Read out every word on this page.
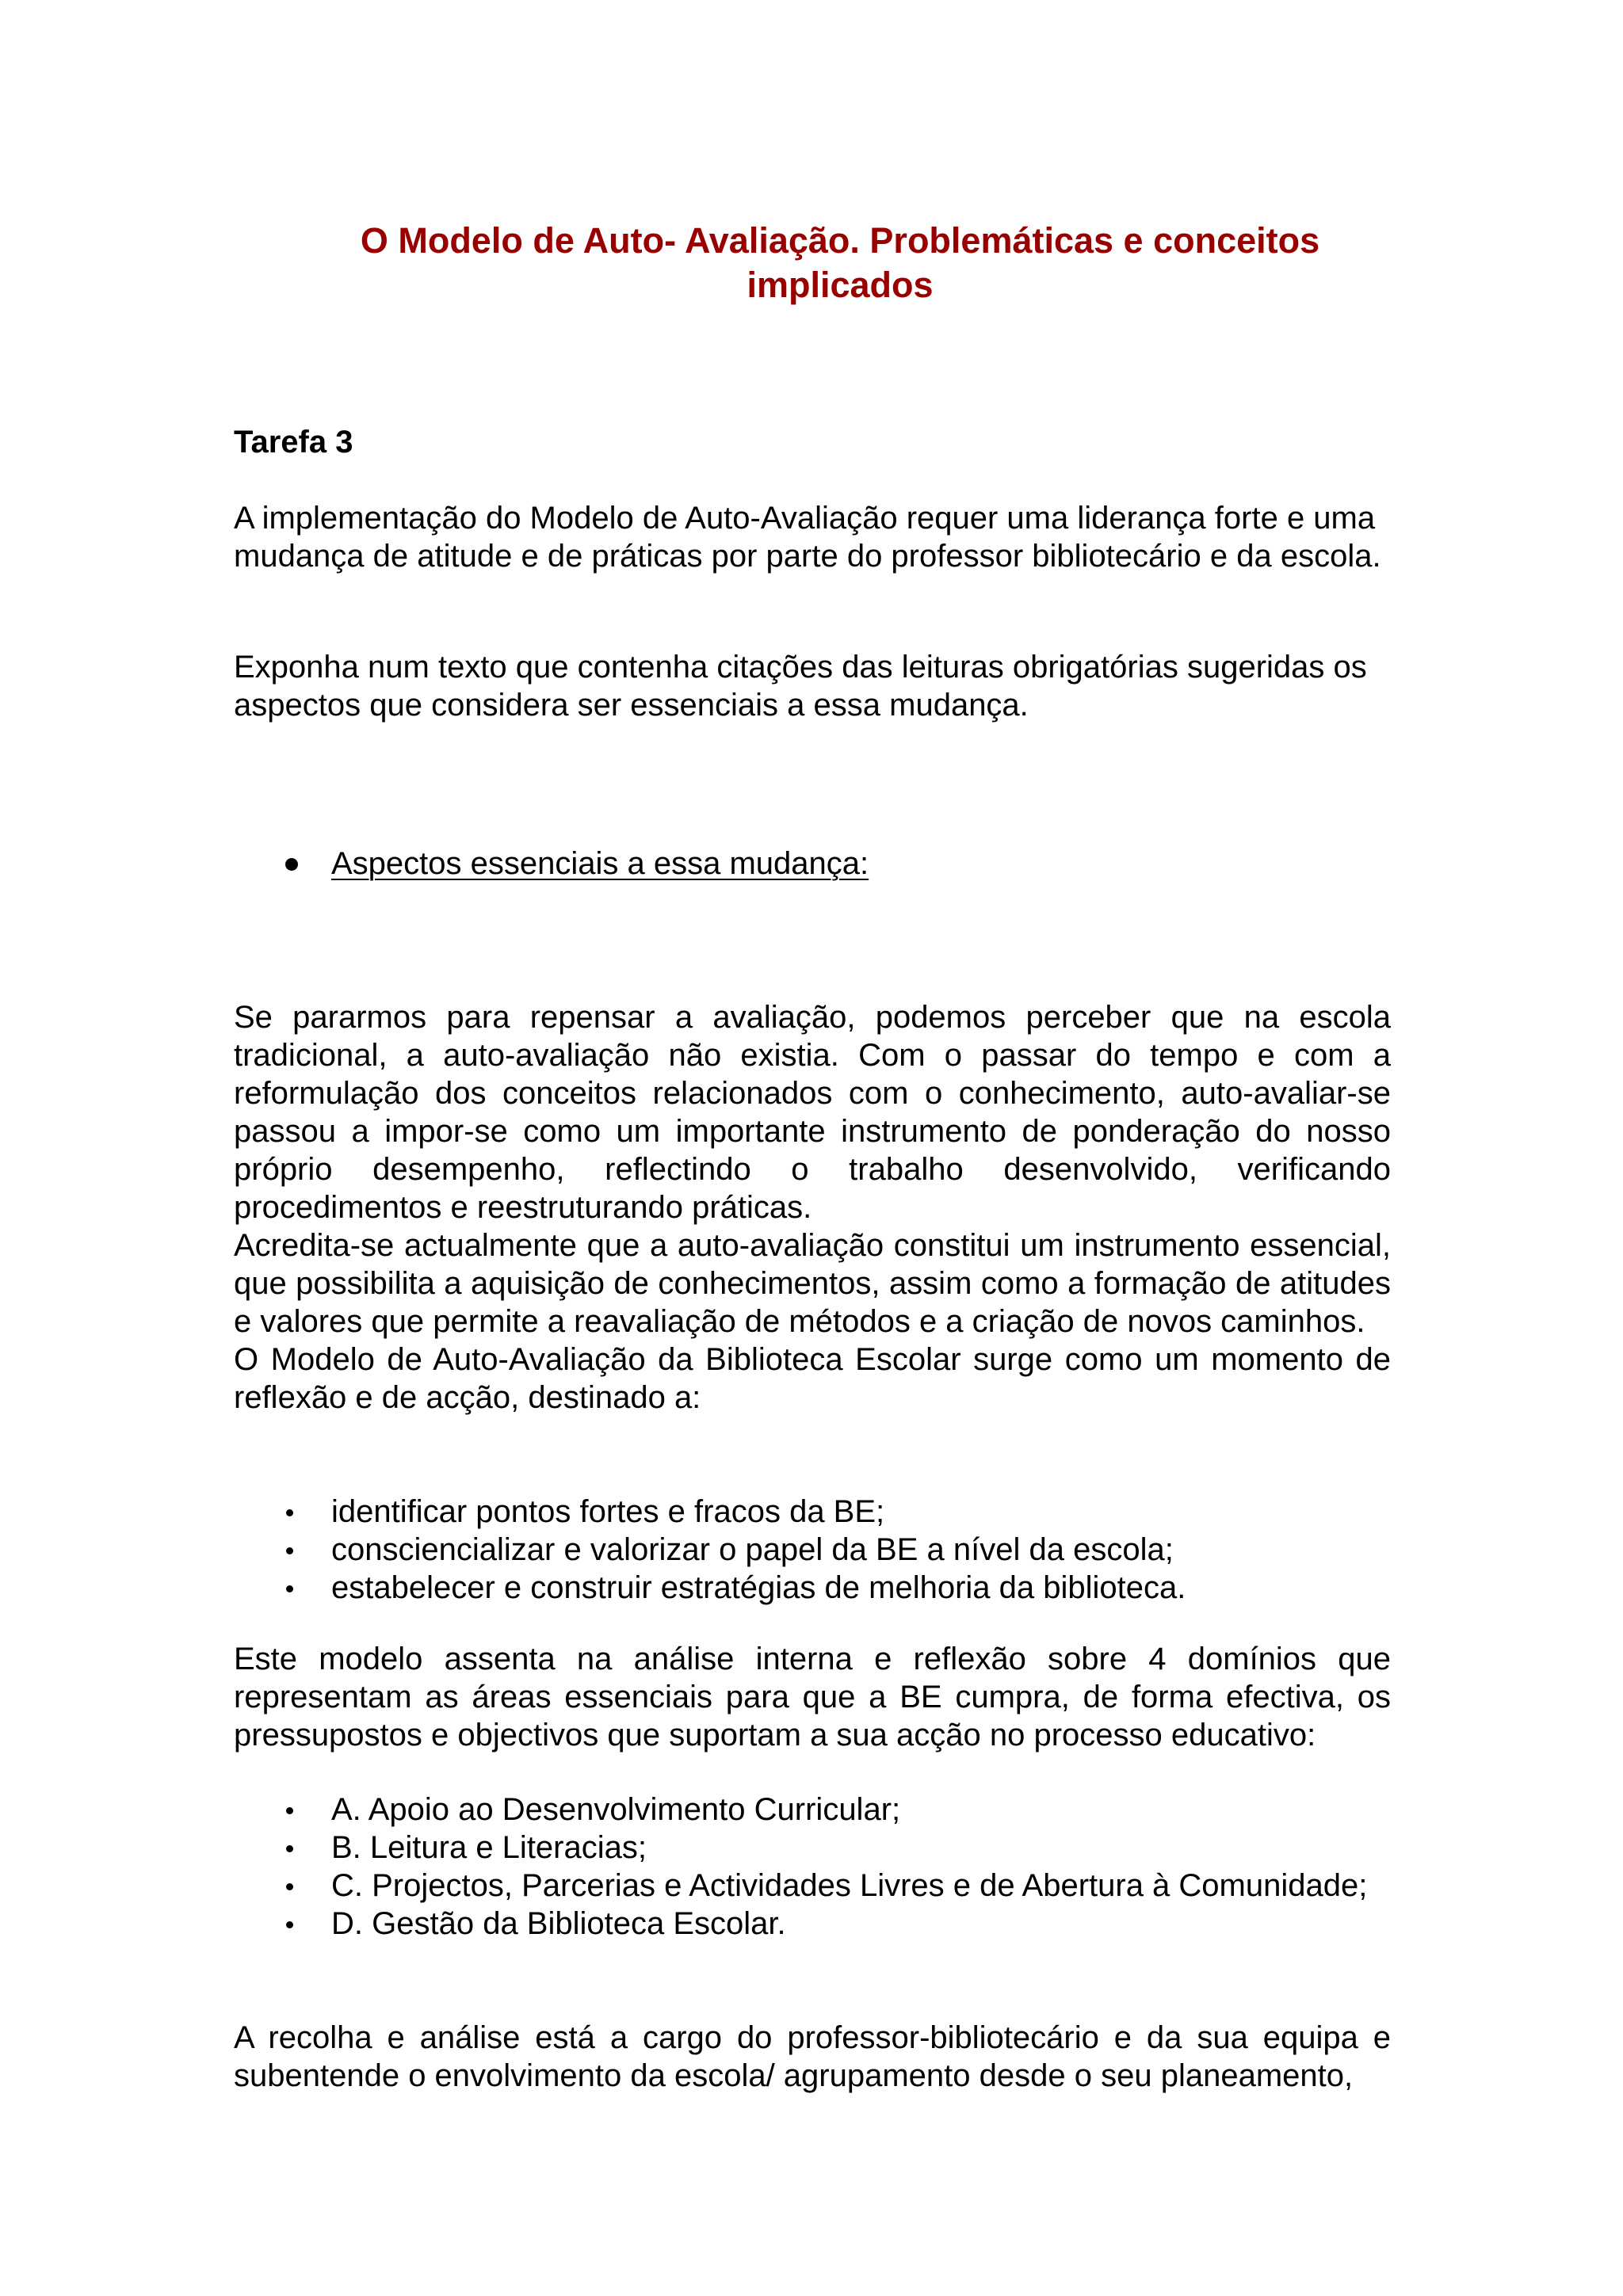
O Modelo de Auto- Avaliação. Problemáticas e conceitos implicados

Tarefa 3

A implementação do Modelo de Auto-Avaliação requer uma liderança forte e uma mudança de atitude e de práticas por parte do professor bibliotecário e da escola.

Exponha num texto que contenha citações das leituras obrigatórias sugeridas os aspectos que considera ser essenciais a essa mudança.

Aspectos essenciais a essa mudança:
Se pararmos para repensar a avaliação, podemos perceber que na escola tradicional, a auto-avaliação não existia. Com o passar do tempo e com a reformulação dos conceitos relacionados com o conhecimento, auto-avaliar-se passou a impor-se como um importante instrumento de ponderação do nosso próprio desempenho, reflectindo o trabalho desenvolvido, verificando procedimentos e reestruturando práticas.
Acredita-se actualmente que a auto-avaliação constitui um instrumento essencial, que possibilita a aquisição de conhecimentos, assim como a formação de atitudes e valores que permite a reavaliação de métodos e a criação de novos caminhos.
O Modelo de Auto-Avaliação da Biblioteca Escolar surge como um momento de reflexão e de acção, destinado a:
identificar pontos fortes e fracos da BE;
consciencializar e valorizar o papel da BE a nível da escola;
estabelecer e construir estratégias de melhoria da biblioteca.

Este modelo assenta na análise interna e reflexão sobre 4 domínios que representam as áreas essenciais para que a BE cumpra, de forma efectiva, os pressupostos e objectivos que suportam a sua acção no processo educativo:

A. Apoio ao Desenvolvimento Curricular;
B. Leitura e Literacias;
C. Projectos, Parcerias e Actividades Livres e de Abertura à Comunidade;
D. Gestão da Biblioteca Escolar.

A recolha e análise está a cargo do professor-bibliotecário e da sua equipa e subentende o envolvimento da escola/ agrupamento desde o seu planeamento,
